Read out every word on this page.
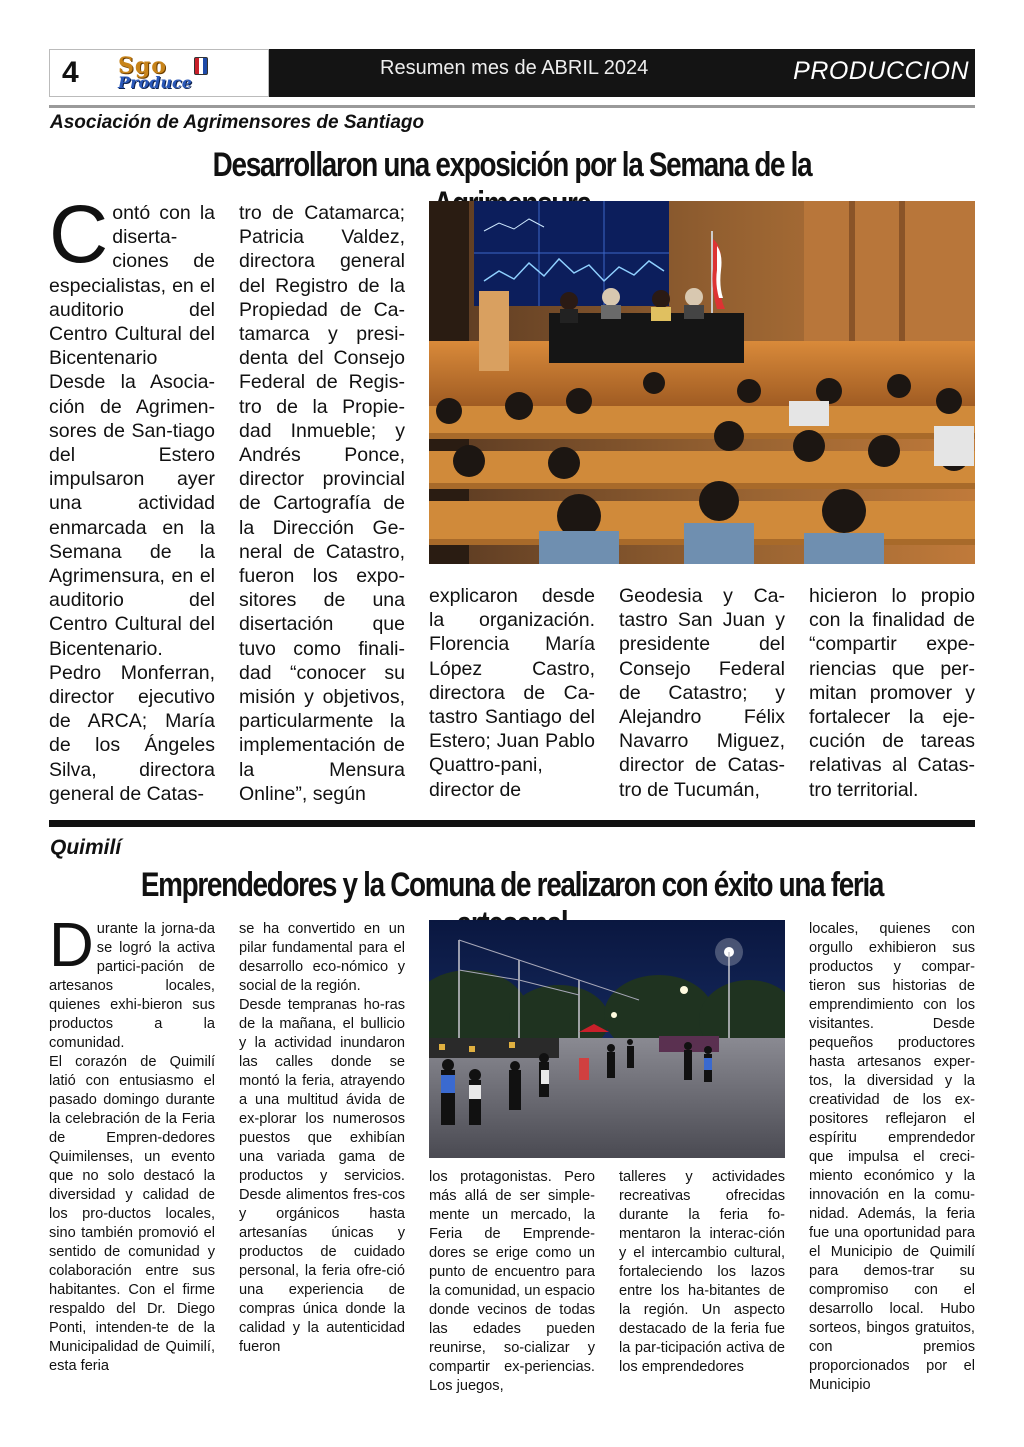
4 Sgo
Produce
Resumen mes de ABRIL 2024	PRODUCCION
Asociación de Agrimensores de Santiago
Desarrollaron una exposición por la Semana de la
C ontó con la diserta-ciones de especialistas, en el auditorio del Centro Cultural del Bicentenario

Desde la Asocia-ción de Agrimen-sores de San-tiago del Estero impulsaron ayer una actividad enmarcada en la Semana de la Agrimensura, en el auditorio del Centro Cultural del Bicentenario.

Pedro Monferran, director ejecutivo de ARCA; María de los Ángeles Silva, directora general de Catas-

tro de Catamarca; Patricia Valdez, directora general del Registro de la Propiedad de Ca-tamarca y presi-denta del Consejo Federal de Regis-tro de la Propie-dad Inmueble; y Andrés Ponce, director provincial de Cartografía de la Dirección Ge-neral de Catastro, fueron los expo-sitores de una disertación que tuvo como finali-dad “conocer su misión y objetivos, particularmente la implementación de la Mensura Online”, según

explicaron desde la organización. Florencia María López Castro, directora de Ca-tastro Santiago del Estero; Juan Pablo Quattro-pani, director de

Geodesia y Ca-tastro San Juan y presidente del Consejo Federal de Catastro; y Alejandro Félix Navarro Miguez, director de Catas-tro de Tucumán,

hicieron lo propio con la finalidad de “compartir expe-riencias que per-mitan promover y fortalecer la eje-cución de tareas relativas al Catas-tro territorial.

Quimilí
Emprendedores y la Comuna de realizaron con éxito una feria
D urante la jorna-da se logró la activa partici-pación de artesanos locales, quienes exhi-bieron sus productos a la comunidad.

El corazón de Quimilí latió con entusiasmo el pasado domingo durante la celebración de la Feria de Empren-dedores Quimilenses, un evento que no solo destacó la diversidad y calidad de los pro-ductos locales, sino también promovió el sentido de comunidad y colaboración entre sus habitantes. Con el firme respaldo del Dr. Diego Ponti, intenden-te de la Municipalidad de Quimilí, esta feria

se ha convertido en un pilar fundamental para el desarrollo eco-nómico y social de la región.

Desde tempranas ho-ras de la mañana, el bullicio y la actividad inundaron las calles donde se montó la feria, atrayendo a una multitud ávida de ex-plorar los numerosos puestos que exhibían una variada gama de productos y servicios. Desde alimentos fres-cos y orgánicos hasta artesanías únicas y productos de cuidado personal, la feria ofre-ció una experiencia de compras única donde la calidad y la autenticidad fueron

los protagonistas. Pero más allá de ser simple-mente un mercado, la Feria de Emprende-dores se erige como un punto de encuentro para la comunidad, un espacio donde vecinos de todas las edades pueden reunirse, so-cializar y compartir ex-periencias. Los juegos,

talleres y actividades recreativas ofrecidas durante la feria fo-mentaron la interac-ción y el intercambio cultural, fortaleciendo los lazos entre los ha-bitantes de la región. Un aspecto destacado de la feria fue la par-ticipación activa de los emprendedores

locales, quienes con orgullo exhibieron sus productos y compar-tieron sus historias de emprendimiento con los visitantes. Desde pequeños productores hasta artesanos exper-tos, la diversidad y la creatividad de los ex-positores reflejaron el espíritu emprendedor que impulsa el creci-miento económico y la innovación en la comu-nidad. Además, la feria fue una oportunidad para el Municipio de Quimilí para demos-trar su compromiso con el desarrollo local. Hubo sorteos, bingos gratuitos, con premios proporcionados por el Municipio
